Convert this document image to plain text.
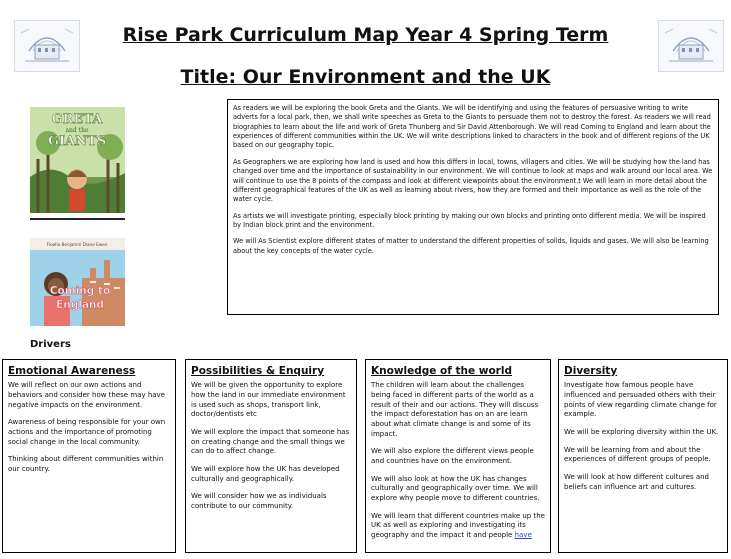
Rise Park Curriculum Map Year 4 Spring Term
Title: Our Environment and the UK
GRETA
and the
GIANTS
Floella Benjamin Diane Ewen
Coming to
England

As readers we will be exploring the book Greta and the Giants. We will be identifying and using the features of persuasive writing to write adverts for a local park, then, we shall write speeches as Greta to the Giants to persuade them not to destroy the forest. As readers we will read biographies to learn about the life and work of Greta Thunberg and Sir David Attenborough. We will read Coming to England and learn about the experiences of different communities within the UK. We will write descriptions linked to characters in the book and of different regions of the UK based on our geography topic.

As Geographers we are exploring how land is used and how this differs in local, towns, villagers and cities. We will be studying how the land has changed over time and the importance of sustainability in our environment. We will continue to look at maps and walk around our local area. We will continue to use the 8 points of the compass and look at different viewpoints about the environment.t We will learn in more detail about the different geographical features of the UK as well as learning about rivers, how they are formed and their importance as well as the role of the water cycle.

As artists we will investigate printing, especially block printing by making our own blocks and printing onto different media. We will be inspired by Indian block print and the environment.

We will As Scientist explore different states of matter to understand the different properties of solids, liquids and gases. We will also be learning about the key concepts of the water cycle.

Drivers
Emotional Awareness

We will reflect on our own actions and behaviors and consider how these may have negative impacts on the environment.

Awareness of being responsible for your own actions and the importance of promoting social change in the local community.

Thinking about different communities within our country.

Possibilities & Enquiry

We will be given the opportunity to explore how the land in our immediate environment is used such as shops, transport link, doctor/dentists etc

We will explore the impact that someone has on creating change and the small things we can do to affect change.

We will explore how the UK has developed culturally and geographically.

We will consider how we as individuals contribute to our community.

Knowledge of the world

The children will learn about the challenges being faced in different parts of the world as a result of their and our actions. They will discuss the impact deforestation has on an are learn about what climate change is and some of its impact.

We will also explore the different views people and countries have on the environment.

We will also look at how the UK has changes culturally and geographically over time. We will explore why people move to different countries.

We will learn that different countries make up the UK as well as exploring and investigating its geography and the impact it and people have

Diversity

Investigate how famous people have influenced and persuaded others with their points of view regarding climate change for example.

We will be exploring diversity within the UK.

We will be learning from and about the experiences of different groups of people.

We will look at how different cultures and beliefs can influence art and cultures.
